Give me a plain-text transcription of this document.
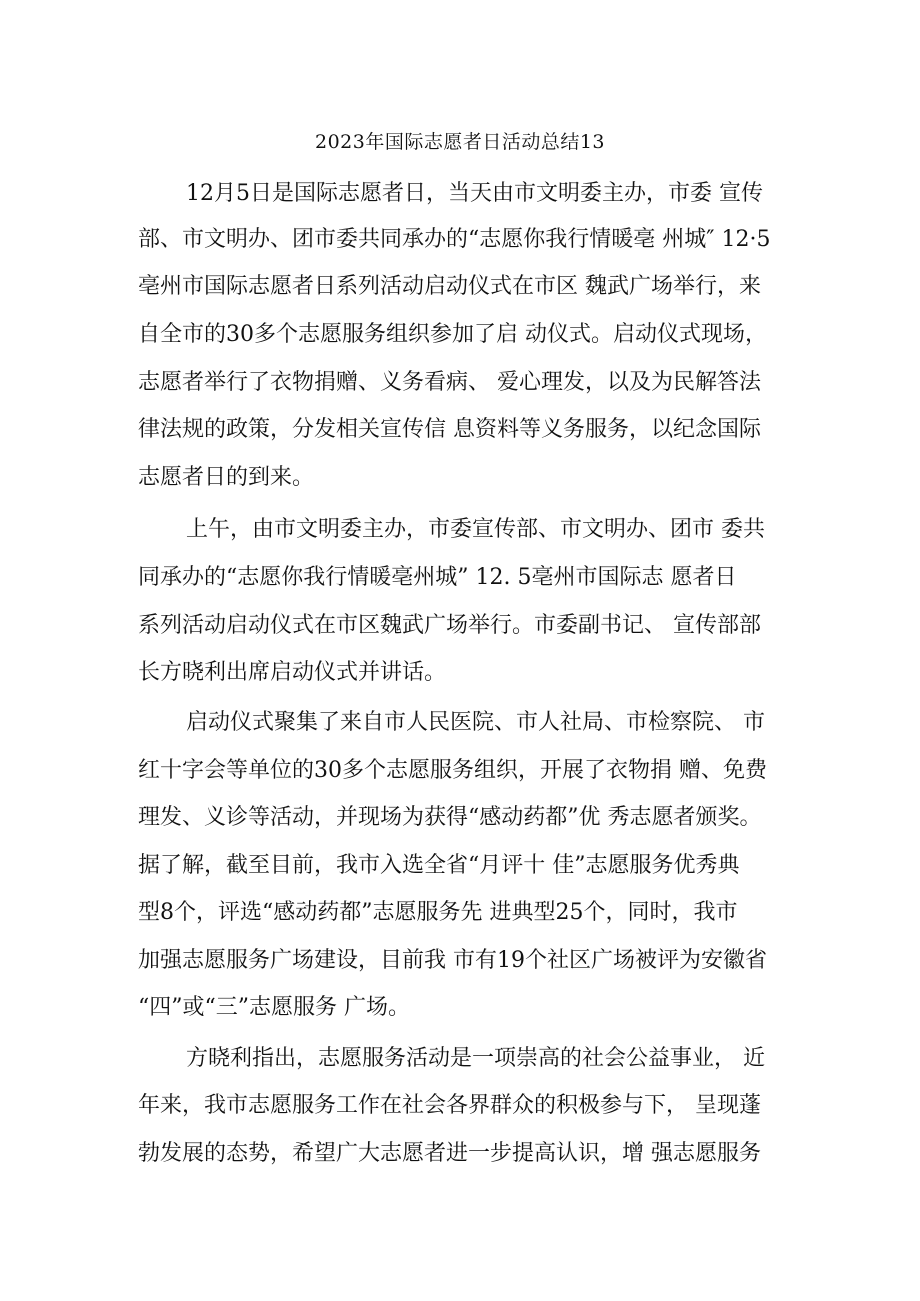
2023年国际志愿者日活动总结13
12月5日是国际志愿者日，当天由市文明委主办，市委 宣传
部、市文明办、团市委共同承办的“志愿你我行情暖亳 州城″ 12·5
亳州市国际志愿者日系列活动启动仪式在市区 魏武广场举行，来
自全市的30多个志愿服务组织参加了启 动仪式。启动仪式现场，
志愿者举行了衣物捐赠、义务看病、 爱心理发，以及为民解答法
律法规的政策，分发相关宣传信 息资料等义务服务，以纪念国际
志愿者日的到来。
上午，由市文明委主办，市委宣传部、市文明办、团市 委共
同承办的“志愿你我行情暖亳州城” 12. 5亳州市国际志 愿者日
系列活动启动仪式在市区魏武广场举行。市委副书记、 宣传部部
长方晓利出席启动仪式并讲话。
启动仪式聚集了来自市人民医院、市人社局、市检察院、 市
红十字会等单位的30多个志愿服务组织，开展了衣物捐 赠、免费
理发、义诊等活动，并现场为获得“感动药都”优 秀志愿者颁奖。
据了解，截至目前，我市入选全省“月评十 佳”志愿服务优秀典
型8个，评选“感动药都”志愿服务先 进典型25个，同时，我市
加强志愿服务广场建设，目前我 市有19个社区广场被评为安徽省
“四”或“三”志愿服务 广场。
方晓利指出，志愿服务活动是一项崇高的社会公益事业， 近
年来，我市志愿服务工作在社会各界群众的积极参与下， 呈现蓬
勃发展的态势，希望广大志愿者进一步提高认识，增 强志愿服务
